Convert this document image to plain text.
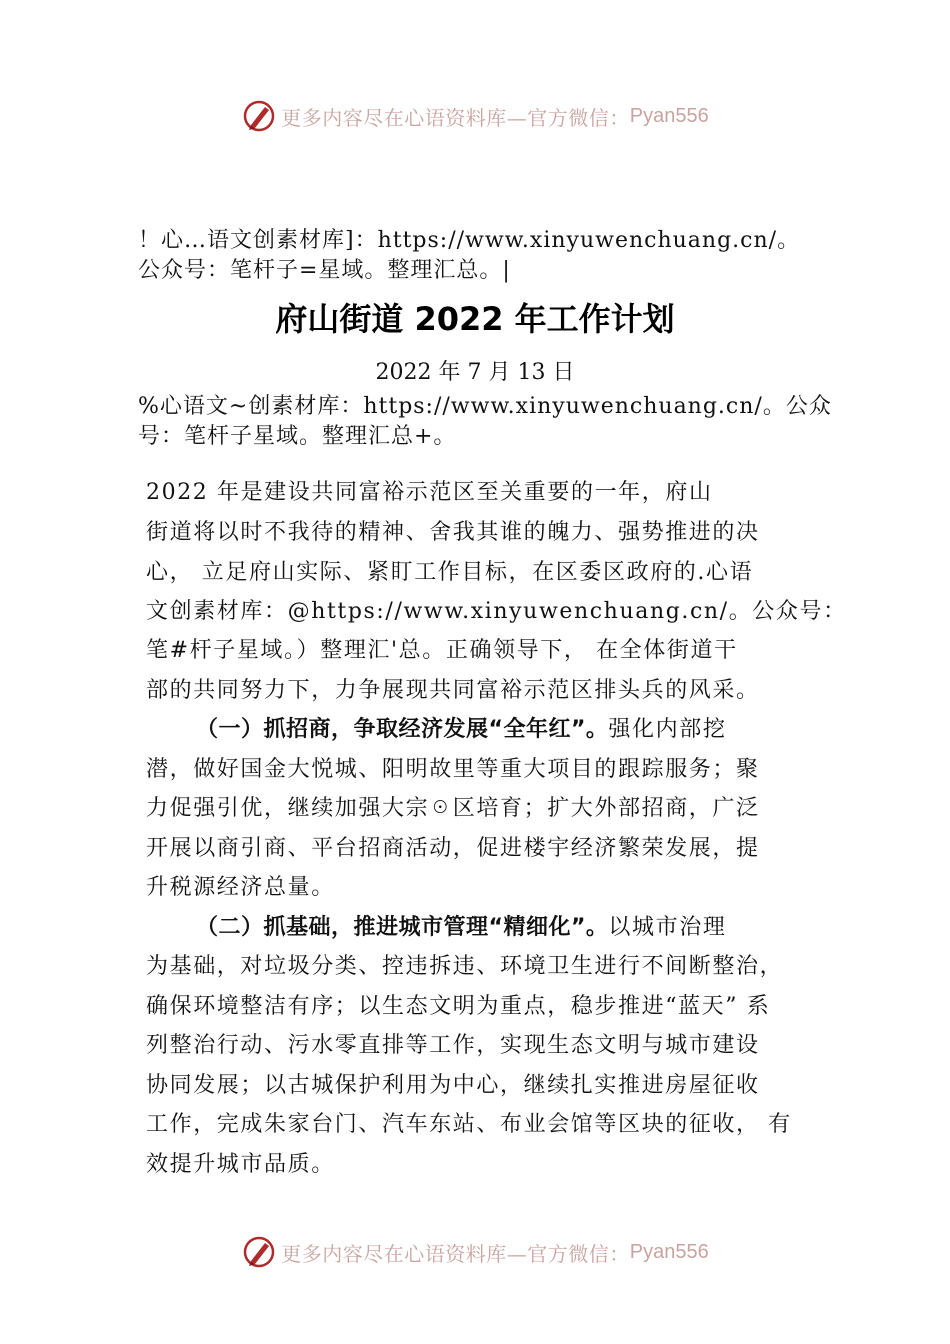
更多内容尽在心语资料库—官方微信： Pyan556
！心…语文创素材库]：https://www.xinyuwenchuang.cn/。
公众号：笔杆子=星域。整理汇总。|
府山街道 2022 年工作计划
2022 年 7 月 13 日
%心语文~创素材库：https://www.xinyuwenchuang.cn/。公众
号：笔杆子星域。整理汇总+。
2022 年是建设共同富裕示范区至关重要的一年，府山
街道将以时不我待的精神、舍我其谁的魄力、强势推进的决
心， 立足府山实际、紧盯工作目标，在区委区政府的.心语
文创素材库：@https://www.xinyuwenchuang.cn/。公众号：
笔#杆子星域。）整理汇'总。正确领导下， 在全体街道干
部的共同努力下，力争展现共同富裕示范区排头兵的风采。
（一）抓招商，争取经济发展“全年红”。强化内部挖
潜，做好国金大悦城、阳明故里等重大项目的跟踪服务；聚
力促强引优，继续加强大宗☉区培育；扩大外部招商，广泛
开展以商引商、平台招商活动，促进楼宇经济繁荣发展，提
升税源经济总量。
（二）抓基础，推进城市管理“精细化”。以城市治理
为基础，对垃圾分类、控违拆违、环境卫生进行不间断整治，
确保环境整洁有序；以生态文明为重点，稳步推进“蓝天” 系
列整治行动、污水零直排等工作，实现生态文明与城市建设
协同发展；以古城保护利用为中心，继续扎实推进房屋征收
工作，完成朱家台门、汽车东站、布业会馆等区块的征收， 有
效提升城市品质。
更多内容尽在心语资料库—官方微信： Pyan556
